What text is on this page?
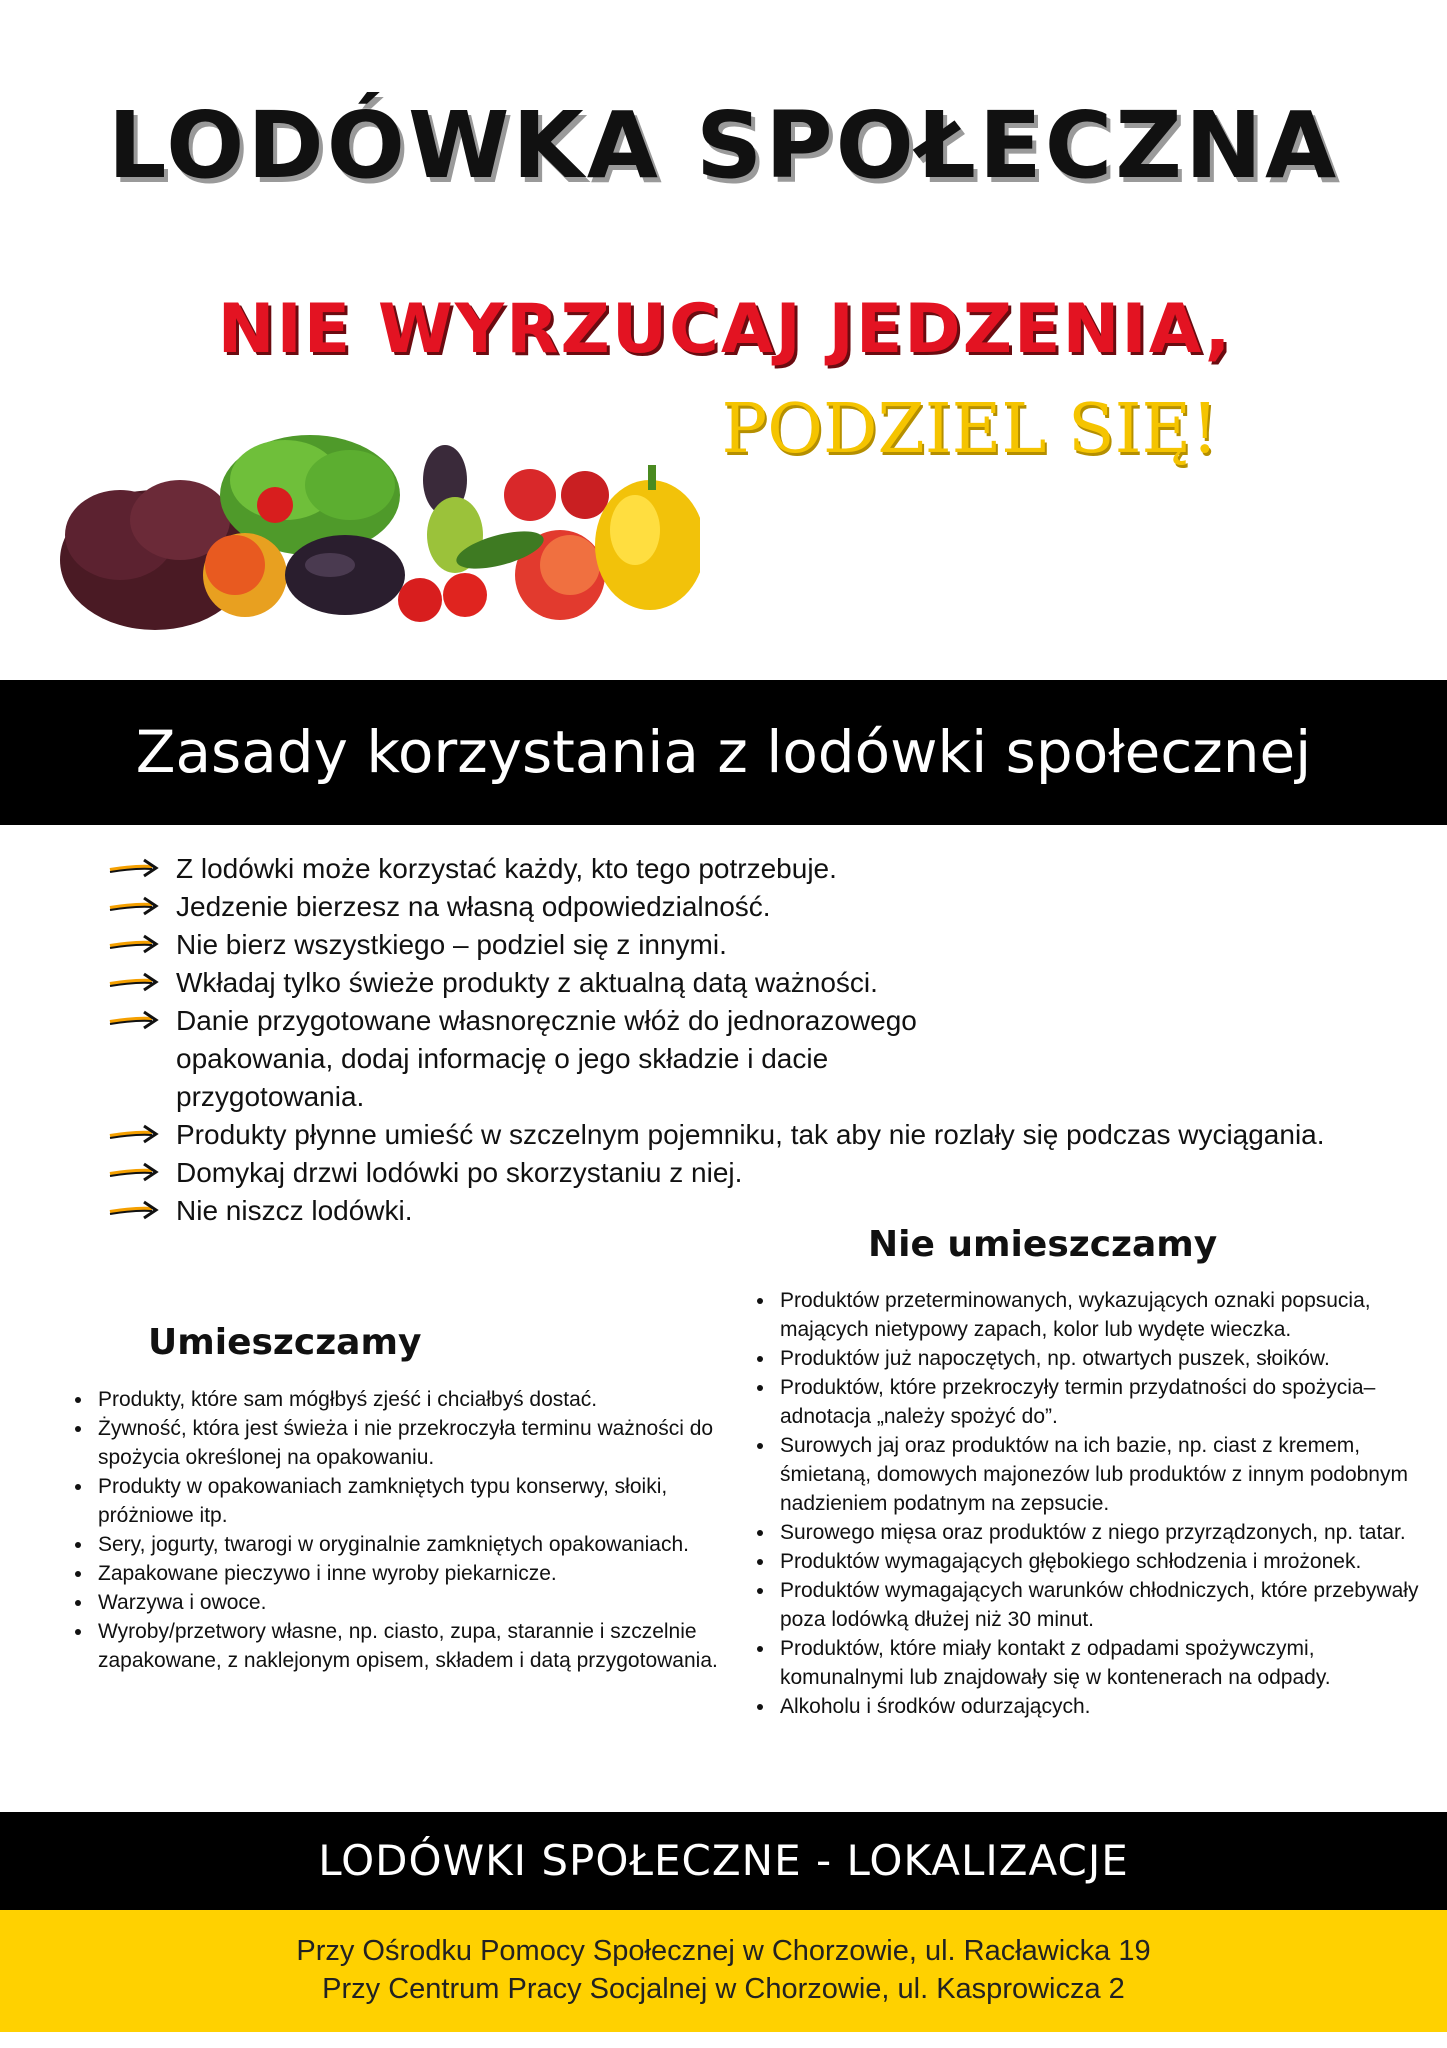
LODÓWKA SPOŁECZNA

NIE WYRZUCAJ JEDZENIA,

PODZIEL SIĘ!

Zasady korzystania z lodówki społecznej
Z lodówki może korzystać każdy, kto tego potrzebuje.
Jedzenie bierzesz na własną odpowiedzialność.
Nie bierz wszystkiego – podziel się z innymi.
Wkładaj tylko świeże produkty z aktualną datą ważności.
Danie przygotowane własnoręcznie włóż do jednorazowego opakowania, dodaj informację o jego składzie i dacie przygotowania.
Produkty płynne umieść w szczelnym pojemniku, tak aby nie rozlały się podczas wyciągania.
Domykaj drzwi lodówki po skorzystaniu z niej.
Nie niszcz lodówki.
Nie umieszczamy
• Produktów przeterminowanych, wykazujących oznaki popsucia, mających nietypowy zapach, kolor lub wydęte wieczka.
• Produktów już napoczętych, np. otwartych puszek, słoików.
• Produktów, które przekroczyły termin przydatności do spożycia–adnotacja „należy spożyć do”.
• Surowych jaj oraz produktów na ich bazie, np. ciast z kremem, śmietaną, domowych majonezów lub produktów z innym podobnym nadzieniem podatnym na zepsucie.
• Surowego mięsa oraz produktów z niego przyrządzonych, np. tatar.
• Produktów wymagających głębokiego schłodzenia i mrożonek.
• Produktów wymagających warunków chłodniczych, które przebywały poza lodówką dłużej niż 30 minut.
• Produktów, które miały kontakt z odpadami spożywczymi, komunalnymi lub znajdowały się w kontenerach na odpady.
• Alkoholu i środków odurzających.
Umieszczamy
• Produkty, które sam mógłbyś zjeść i chciałbyś dostać.
• Żywność, która jest świeża i nie przekroczyła terminu ważności do spożycia określonej na opakowaniu.
• Produkty w opakowaniach zamkniętych typu konserwy, słoiki, próżniowe itp.
• Sery, jogurty, twarogi w oryginalnie zamkniętych opakowaniach.
• Zapakowane pieczywo i inne wyroby piekarnicze.
• Warzywa i owoce.
• Wyroby/przetwory własne, np. ciasto, zupa, starannie i szczelnie zapakowane, z naklejonym opisem, składem i datą przygotowania.
LODÓWKI SPOŁECZNE - LOKALIZACJE

Przy Ośrodku Pomocy Społecznej w Chorzowie, ul. Racławicka 19

Przy Centrum Pracy Socjalnej w Chorzowie, ul. Kasprowicza 2
